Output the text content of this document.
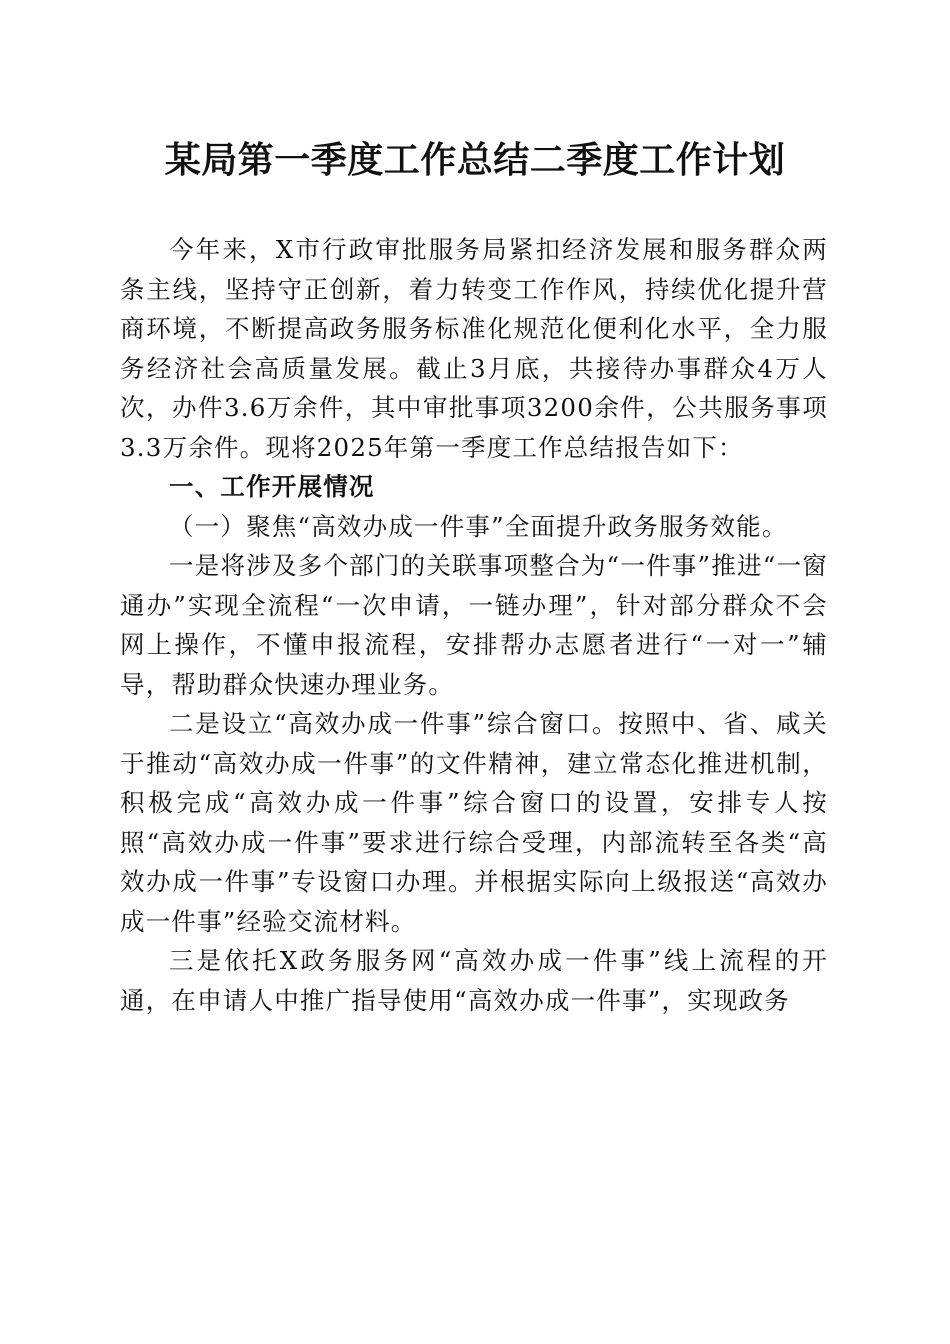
某局第一季度工作总结二季度工作计划

今年来，X市行政审批服务局紧扣经济发展和服务群众两条主线，坚持守正创新，着力转变工作作风，持续优化提升营商环境，不断提高政务服务标准化规范化便利化水平，全力服务经济社会高质量发展。截止3月底，共接待办事群众4万人次，办件3.6万余件，其中审批事项3200余件，公共服务事项3.3万余件。现将2025年第一季度工作总结报告如下：

一、工作开展情况

（一）聚焦“高效办成一件事”全面提升政务服务效能。

一是将涉及多个部门的关联事项整合为“一件事”推进“一窗通办”实现全流程“一次申请，一链办理”，针对部分群众不会网上操作，不懂申报流程，安排帮办志愿者进行“一对一”辅导，帮助群众快速办理业务。

二是设立“高效办成一件事”综合窗口。按照中、省、咸关于推动“高效办成一件事”的文件精神，建立常态化推进机制，积极完成“高效办成一件事”综合窗口的设置，安排专人按照“高效办成一件事”要求进行综合受理，内部流转至各类“高效办成一件事”专设窗口办理。并根据实际向上级报送“高效办成一件事”经验交流材料。

三是依托X政务服务网“高效办成一件事”线上流程的开通，在申请人中推广指导使用“高效办成一件事”，实现政务
